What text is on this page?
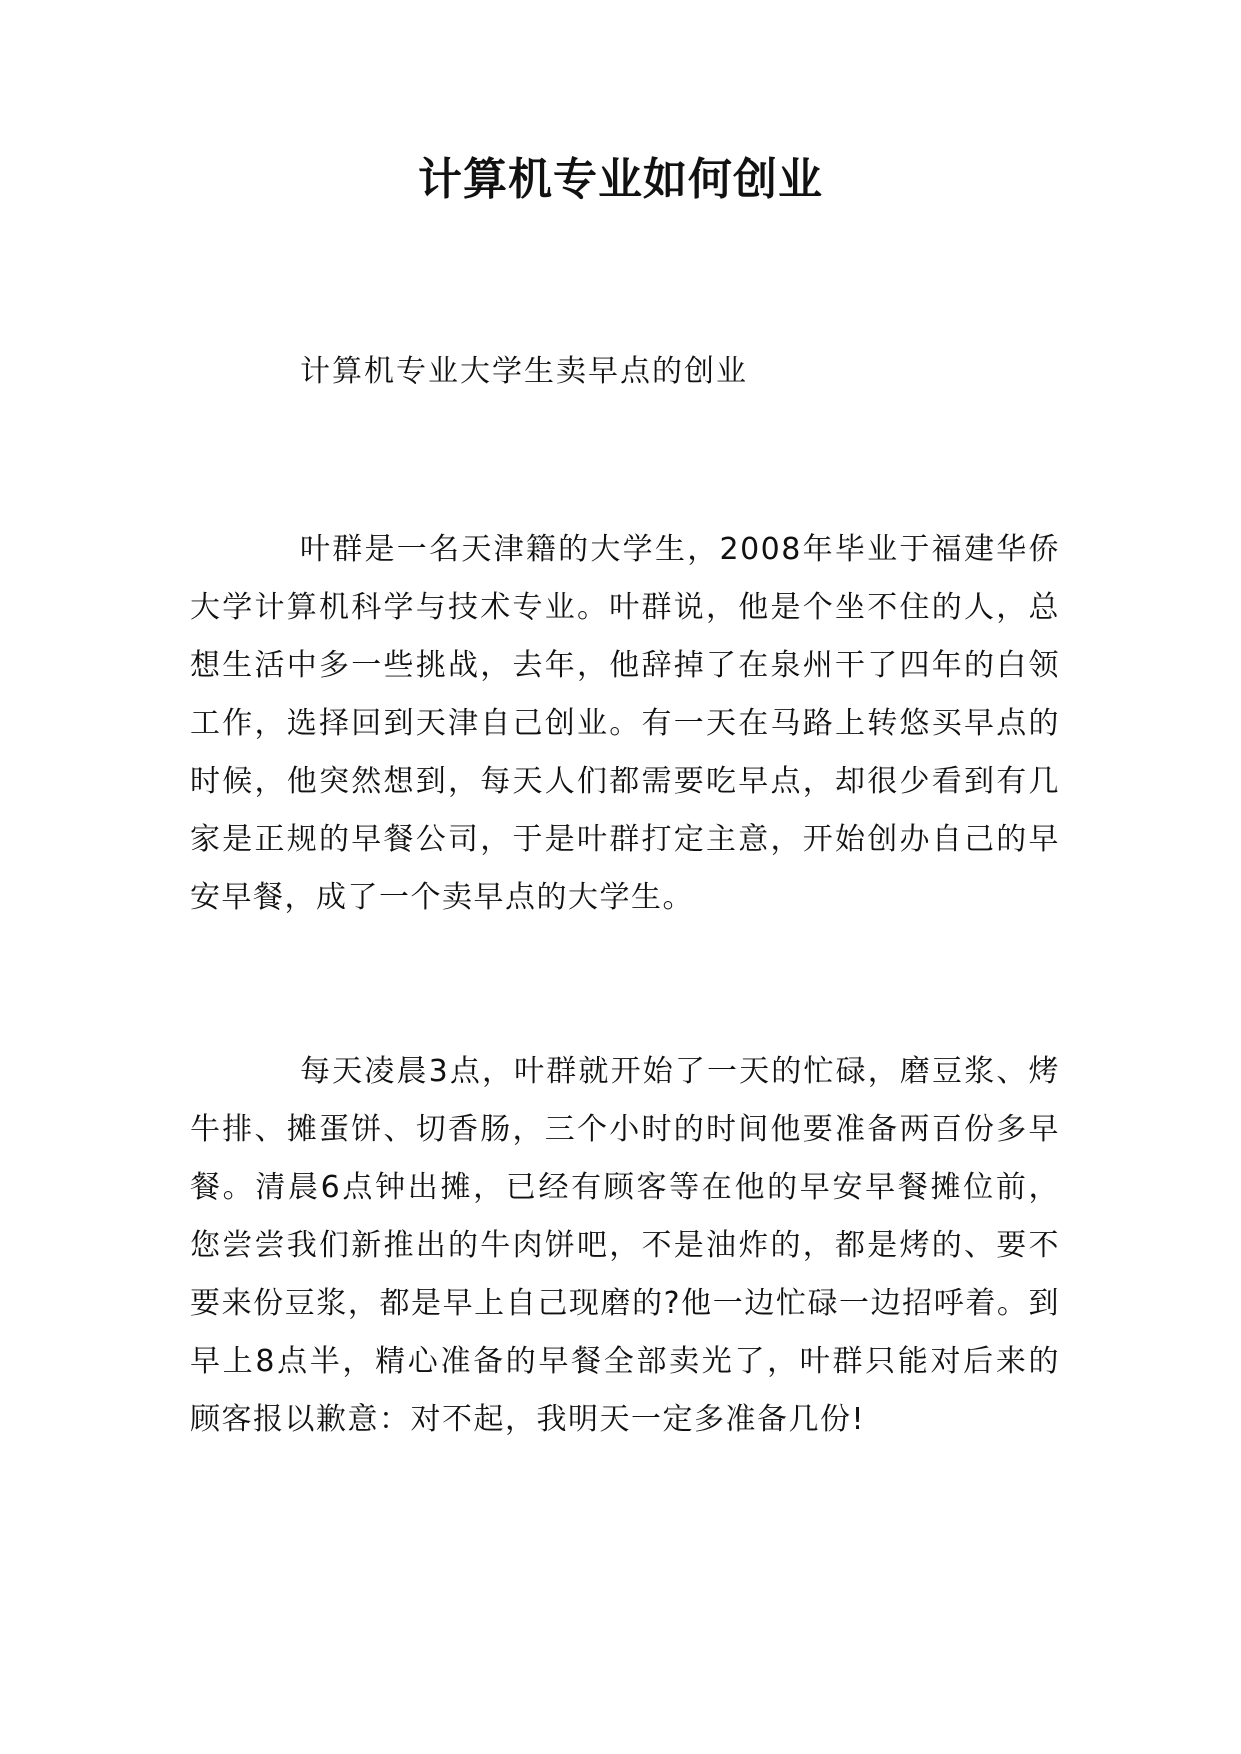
计算机专业如何创业

计算机专业大学生卖早点的创业

叶群是一名天津籍的大学生，2008年毕业于福建华侨大学计算机科学与技术专业。叶群说，他是个坐不住的人，总想生活中多一些挑战，去年，他辞掉了在泉州干了四年的白领工作，选择回到天津自己创业。有一天在马路上转悠买早点的时候，他突然想到，每天人们都需要吃早点，却很少看到有几家是正规的早餐公司，于是叶群打定主意，开始创办自己的早安早餐，成了一个卖早点的大学生。

每天凌晨3点，叶群就开始了一天的忙碌，磨豆浆、烤牛排、摊蛋饼、切香肠，三个小时的时间他要准备两百份多早餐。清晨6点钟出摊，已经有顾客等在他的早安早餐摊位前，您尝尝我们新推出的牛肉饼吧，不是油炸的，都是烤的、要不要来份豆浆，都是早上自己现磨的?他一边忙碌一边招呼着。到早上8点半，精心准备的早餐全部卖光了，叶群只能对后来的顾客报以歉意：对不起，我明天一定多准备几份!
